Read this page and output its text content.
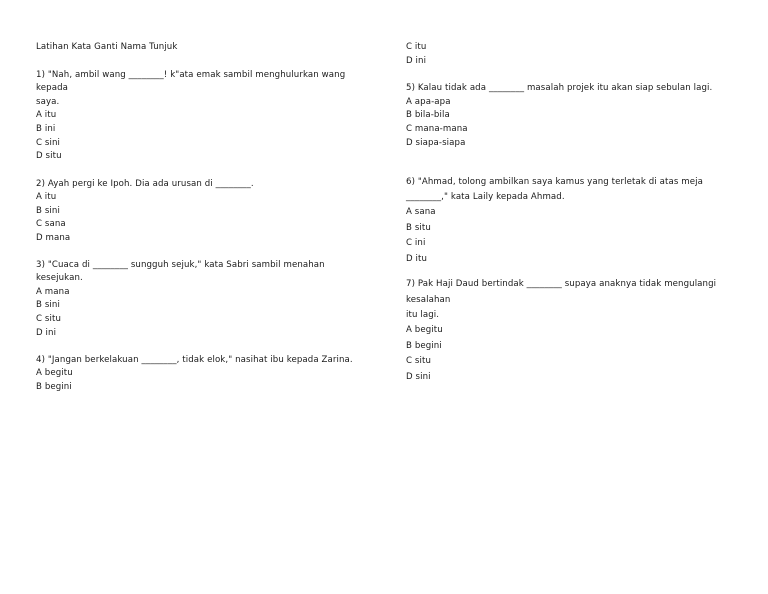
Latihan Kata Ganti Nama Tunjuk
1) "Nah, ambil wang ________! k"ata emak sambil menghulurkan wang
kepada
saya.
A itu
B ini
C sini
D situ
2) Ayah pergi ke Ipoh. Dia ada urusan di ________.
A itu
B sini
C sana
D mana
3) "Cuaca di ________ sungguh sejuk," kata Sabri sambil menahan
kesejukan.
A mana
B sini
C situ
D ini
4) "Jangan berkelakuan ________, tidak elok," nasihat ibu kepada Zarina.
A begitu
B begini
C itu
D ini
5) Kalau tidak ada ________ masalah projek itu akan siap sebulan lagi.
A apa-apa
B bila-bila
C mana-mana
D siapa-siapa
6) "Ahmad, tolong ambilkan saya kamus yang terletak di atas meja
________," kata Laily kepada Ahmad.
A sana
B situ
C ini
D itu
7) Pak Haji Daud bertindak ________ supaya anaknya tidak mengulangi
kesalahan
itu lagi.
A begitu
B begini
C situ
D sini
